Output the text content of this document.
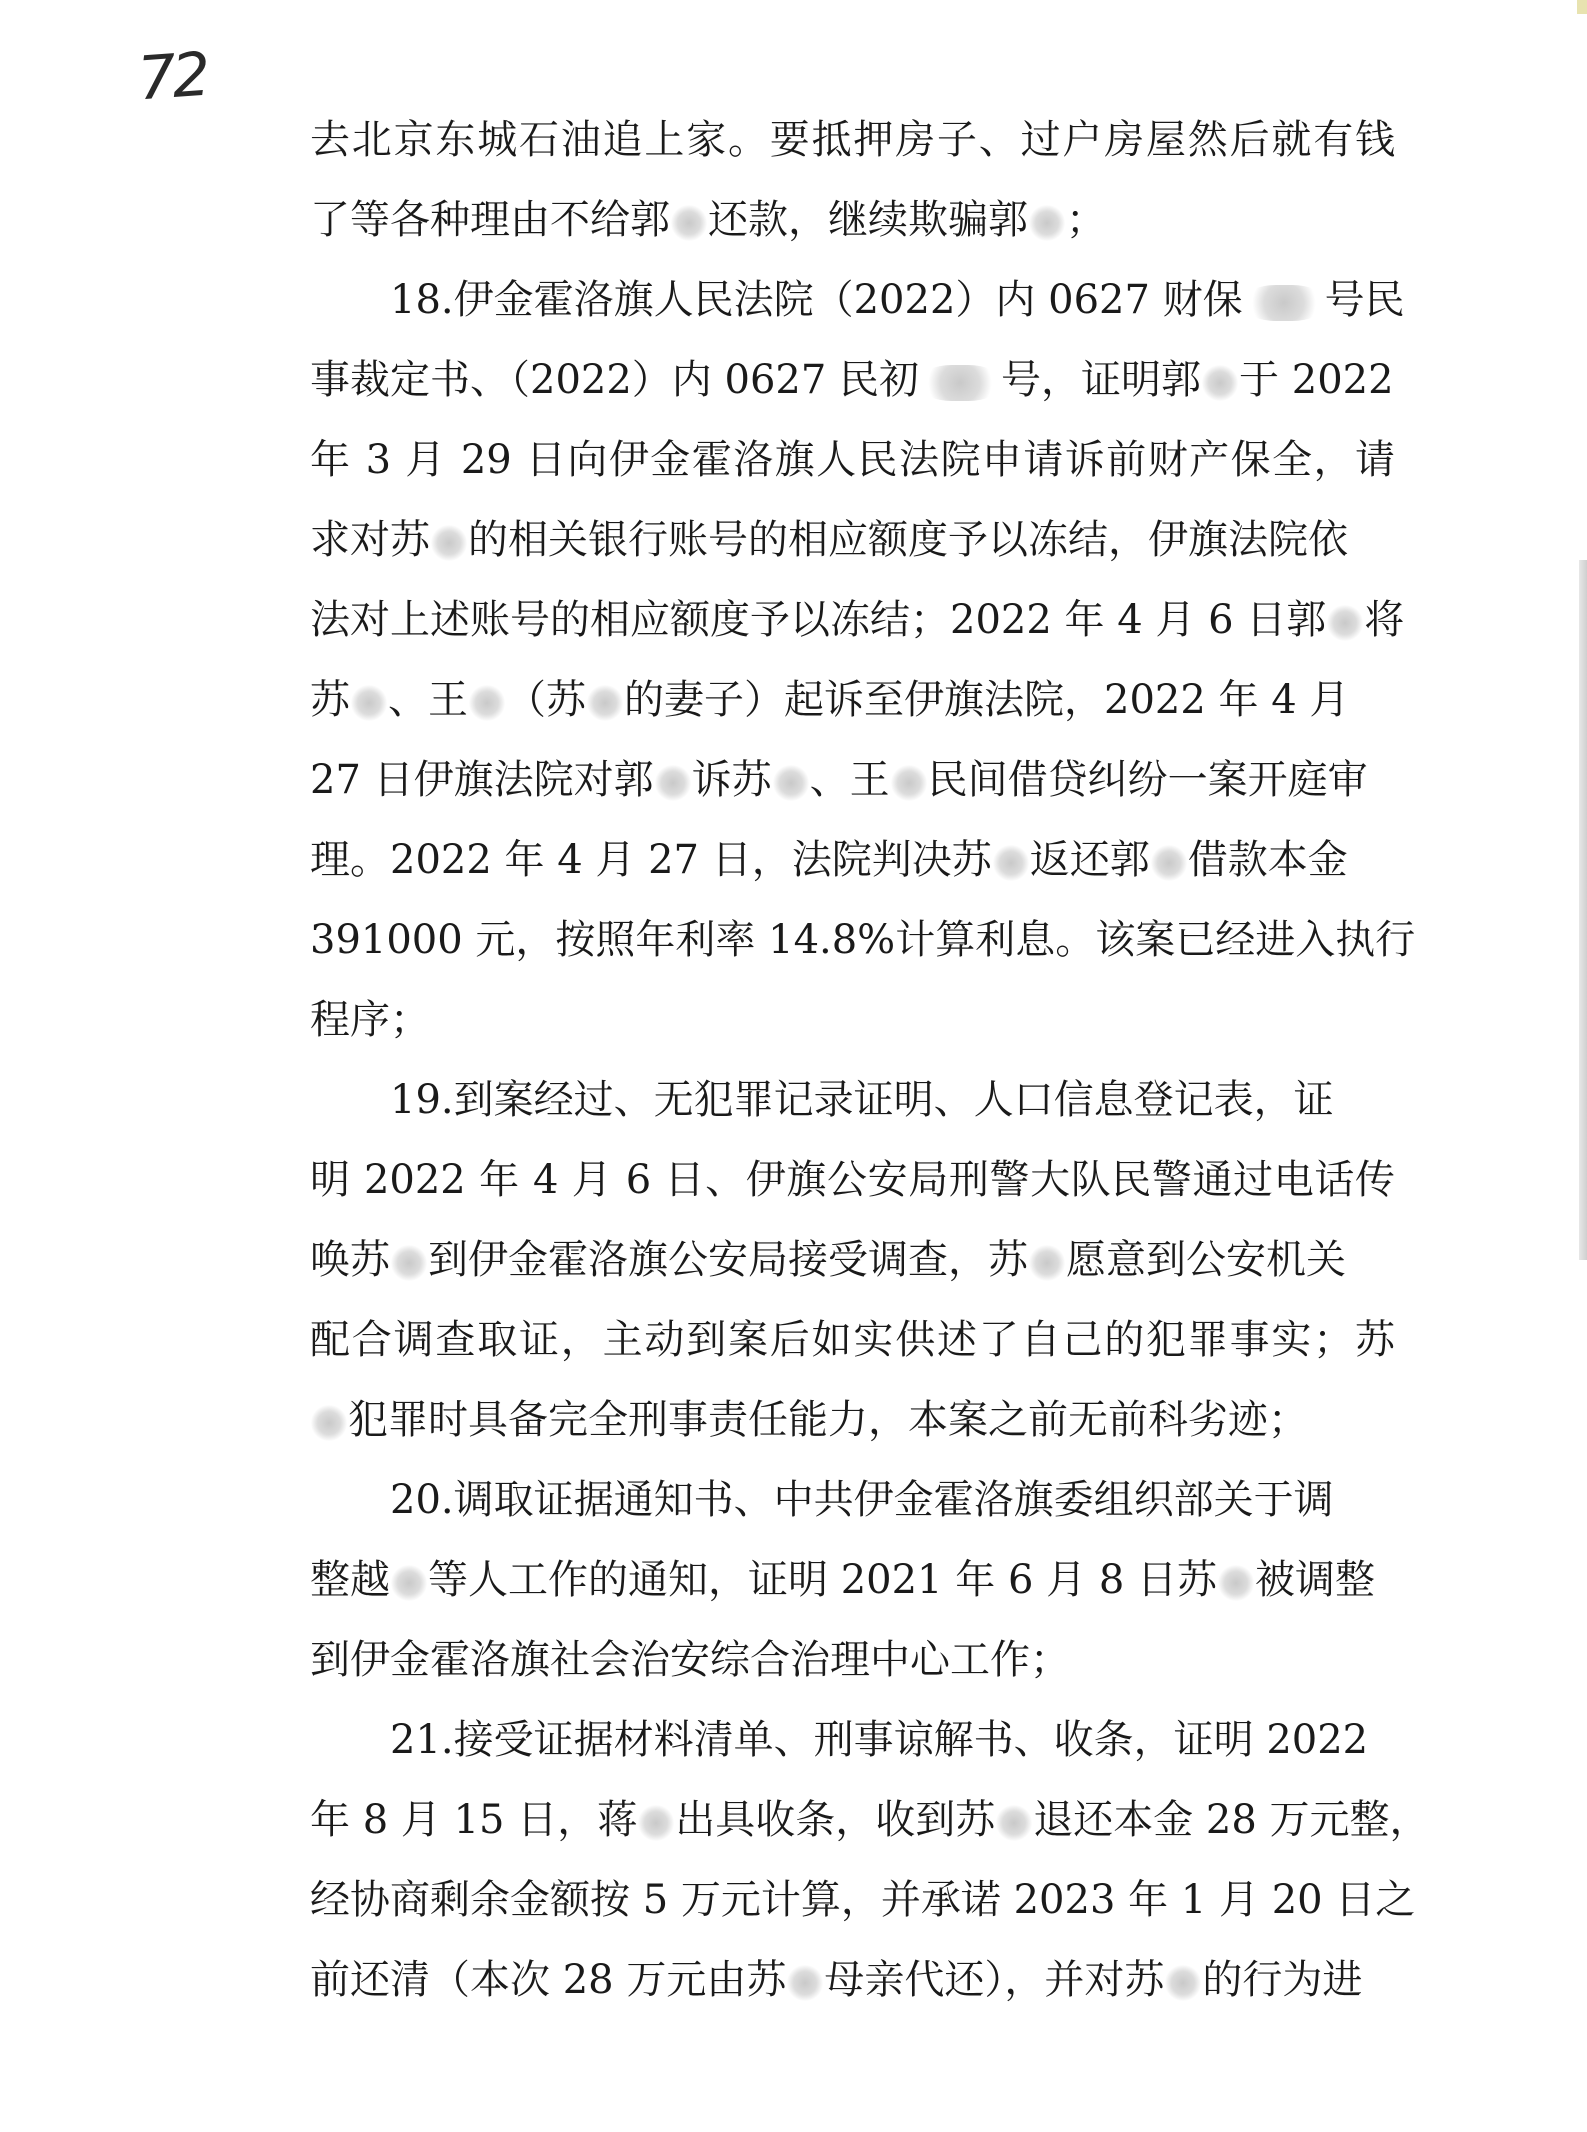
72
去北京东城石油追上家。要抵押房子、过户房屋然后就有钱
了等各种理由不给郭 还款，继续欺骗郭 ；
18.伊金霍洛旗人民法院（2022）内 0627 财保 号民
事裁定书、（2022）内 0627 民初 号，证明郭 于 2022
年 3 月 29 日向伊金霍洛旗人民法院申请诉前财产保全，请
求对苏 的相关银行账号的相应额度予以冻结，伊旗法院依
法对上述账号的相应额度予以冻结；2022 年 4 月 6 日郭 将
苏 、王 （苏 的妻子）起诉至伊旗法院，2022 年 4 月
27 日伊旗法院对郭 诉苏 、王 民间借贷纠纷一案开庭审
理。2022 年 4 月 27 日，法院判决苏 返还郭 借款本金
391000 元，按照年利率 14.8%计算利息。该案已经进入执行
程序；
19.到案经过、无犯罪记录证明、人口信息登记表，证
明 2022 年 4 月 6 日、伊旗公安局刑警大队民警通过电话传
唤苏 到伊金霍洛旗公安局接受调查，苏 愿意到公安机关
配合调查取证，主动到案后如实供述了自己的犯罪事实；苏
犯罪时具备完全刑事责任能力，本案之前无前科劣迹；
20.调取证据通知书、中共伊金霍洛旗委组织部关于调
整越 等人工作的通知，证明 2021 年 6 月 8 日苏 被调整
到伊金霍洛旗社会治安综合治理中心工作；
21.接受证据材料清单、刑事谅解书、收条，证明 2022
年 8 月 15 日，蒋 出具收条，收到苏 退还本金 28 万元整，
经协商剩余金额按 5 万元计算，并承诺 2023 年 1 月 20 日之
前还清（本次 28 万元由苏 母亲代还），并对苏 的行为进
